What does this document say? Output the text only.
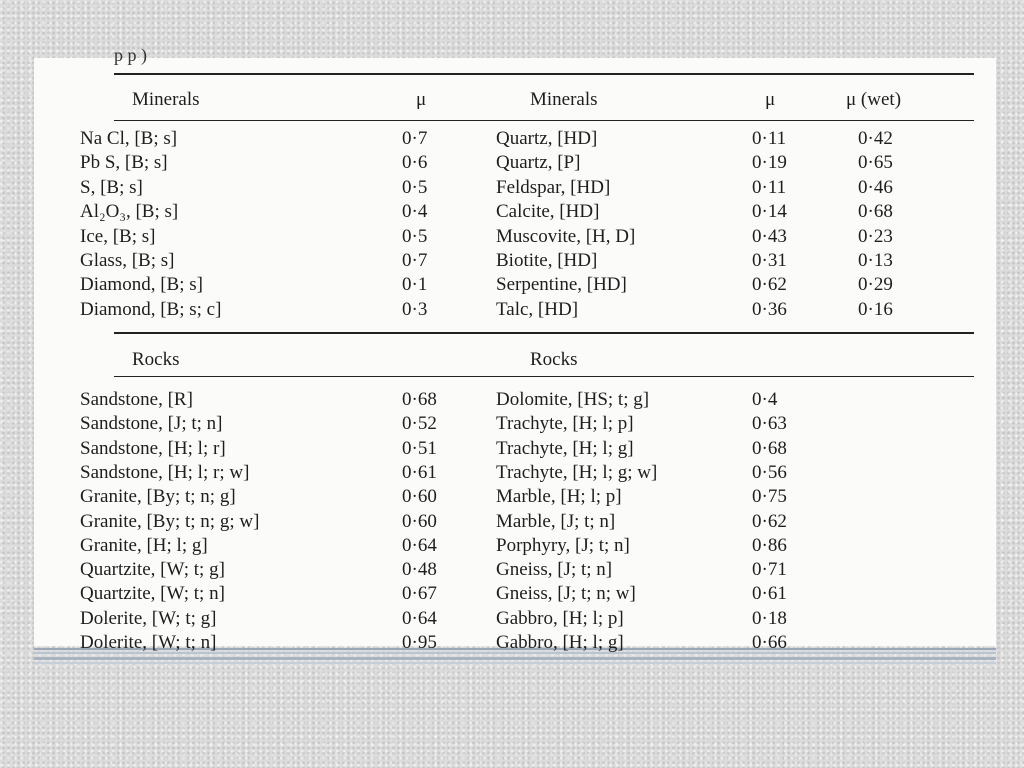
p p )
Minerals	μ	Minerals	μ	μ (wet)
Na Cl, [B; s]	0·7	Quartz, [HD]	0·11	0·42
Pb S, [B; s]	0·6	Quartz, [P]	0·19	0·65
S, [B; s]	0·5	Feldspar, [HD]	0·11	0·46
Al₂O₃, [B; s]	0·4	Calcite, [HD]	0·14	0·68
Ice, [B; s]	0·5	Muscovite, [H, D]	0·43	0·23
Glass, [B; s]	0·7	Biotite, [HD]	0·31	0·13
Diamond, [B; s]	0·1	Serpentine, [HD]	0·62	0·29
Diamond, [B; s; c]	0·3	Talc, [HD]	0·36	0·16
Rocks	Rocks
Sandstone, [R]	0·68	Dolomite, [HS; t; g]	0·4
Sandstone, [J; t; n]	0·52	Trachyte, [H; l; p]	0·63
Sandstone, [H; l; r]	0·51	Trachyte, [H; l; g]	0·68
Sandstone, [H; l; r; w]	0·61	Trachyte, [H; l; g; w]	0·56
Granite, [By; t; n; g]	0·60	Marble, [H; l; p]	0·75
Granite, [By; t; n; g; w]	0·60	Marble, [J; t; n]	0·62
Granite, [H; l; g]	0·64	Porphyry, [J; t; n]	0·86
Quartzite, [W; t; g]	0·48	Gneiss, [J; t; n]	0·71
Quartzite, [W; t; n]	0·67	Gneiss, [J; t; n; w]	0·61
Dolerite, [W; t; g]	0·64	Gabbro, [H; l; p]	0·18
Dolerite, [W; t; n]	0·95	Gabbro, [H; l; g]	0·66
